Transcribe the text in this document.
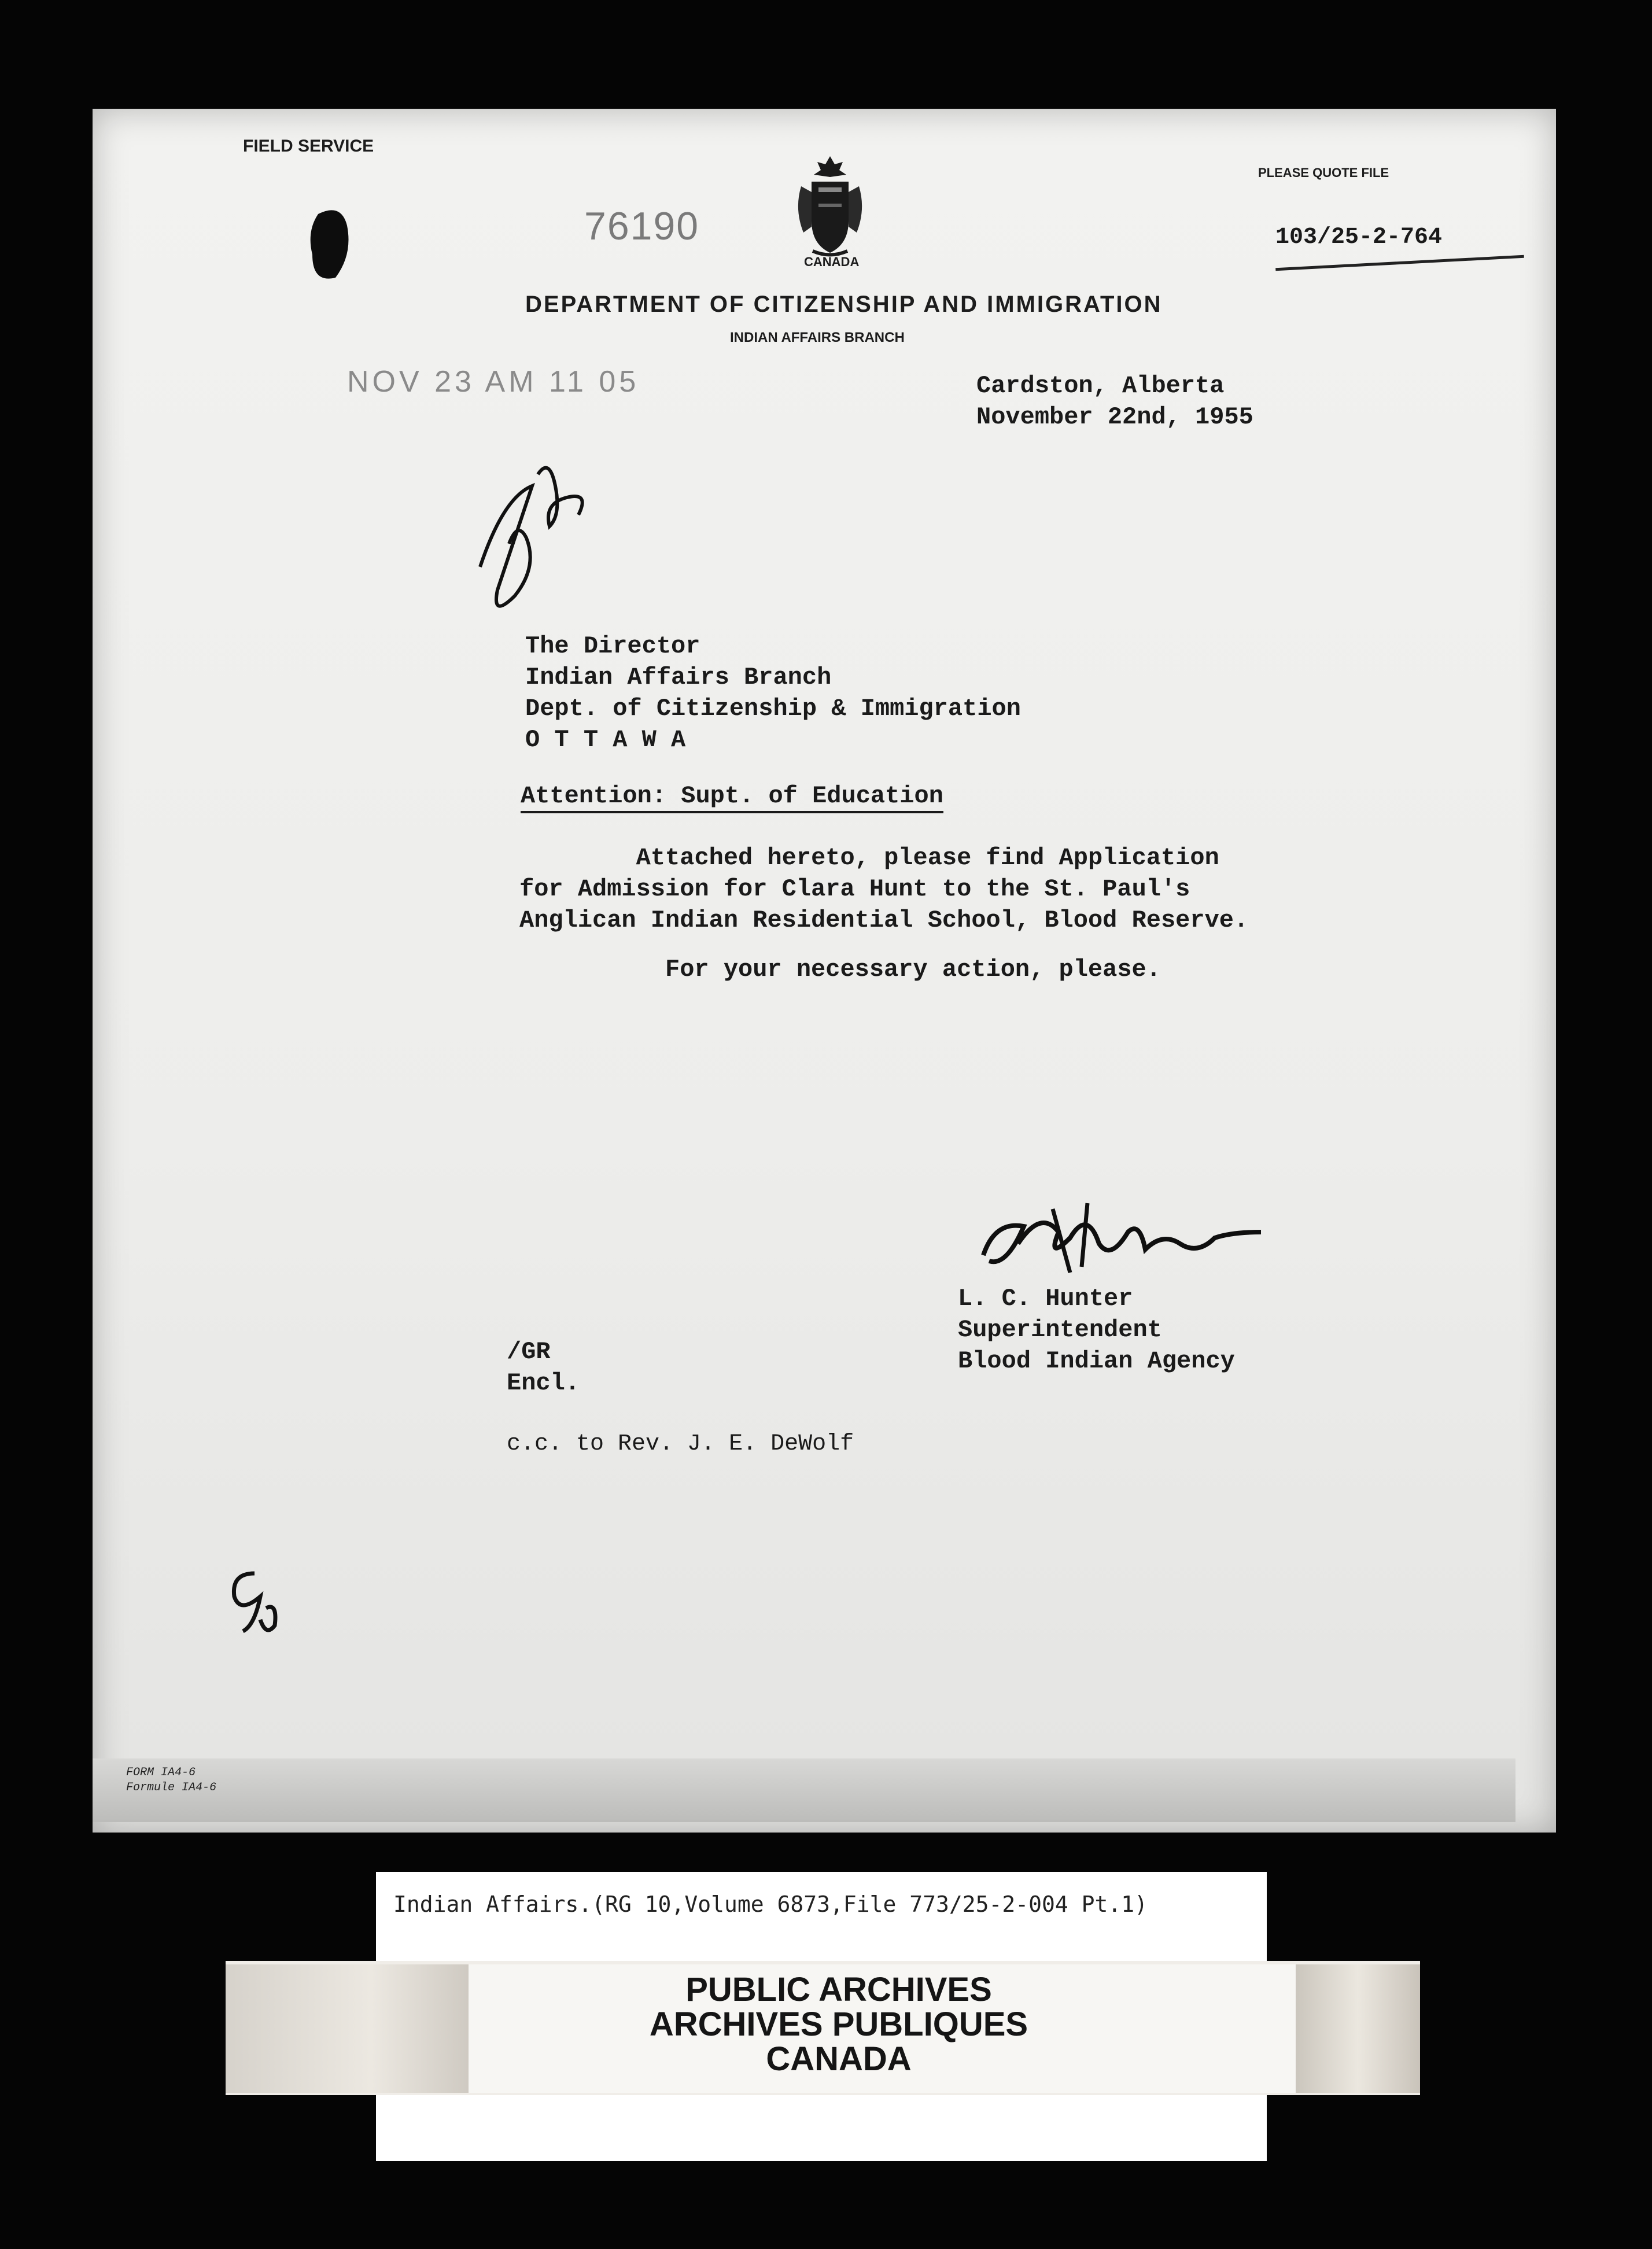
FIELD SERVICE
PLEASE QUOTE FILE
103/25-2-764
76190
CANADA
DEPARTMENT OF CITIZENSHIP AND IMMIGRATION
INDIAN AFFAIRS BRANCH
NOV 23 AM 11 05	Cardston, Alberta
November 22nd, 1955
The Director
Indian Affairs Branch
Dept. of Citizenship & Immigration
O T T A W A
Attention: Supt. of Education
Attached hereto, please find Application
for Admission for Clara Hunt to the St. Paul's
Anglican Indian Residential School, Blood Reserve.
For your necessary action, please.
L. C. Hunter
Superintendent
Blood Indian Agency
/GR
Encl.
c.c. to Rev. J. E. DeWolf
FORM IA4-6
Formule IA4-6
Indian Affairs.(RG 10,Volume 6873,File 773/25-2-004 Pt.1)
PUBLIC ARCHIVES
ARCHIVES PUBLIQUES
CANADA
